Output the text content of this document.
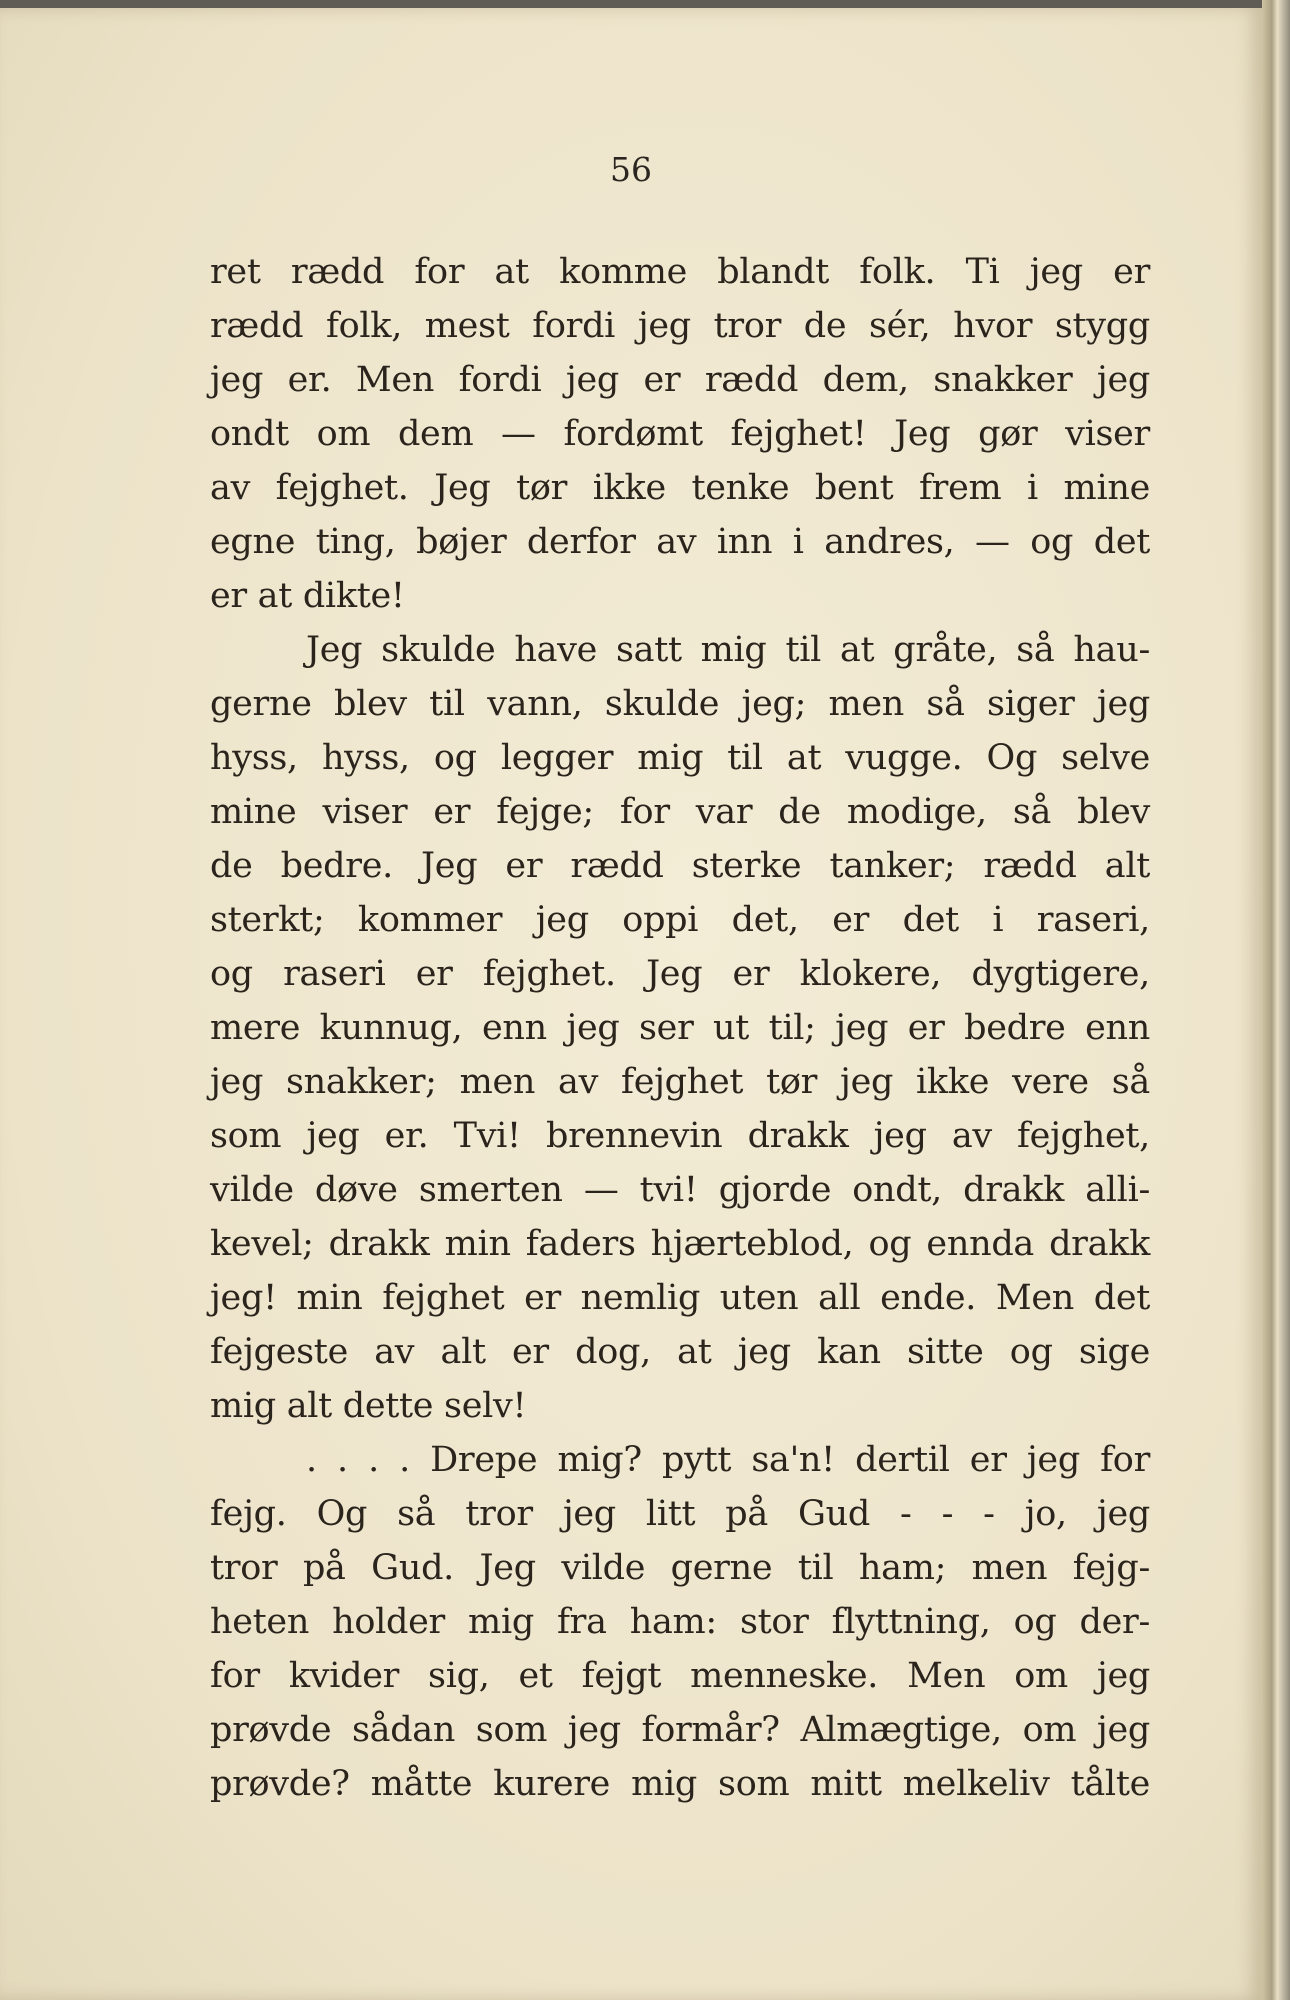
56

ret rædd for at komme blandt folk. Ti jeg er
rædd folk, mest fordi jeg tror de sér, hvor stygg
jeg er. Men fordi jeg er rædd dem, snakker jeg
ondt om dem — fordømt fejghet! Jeg gør viser
av fejghet. Jeg tør ikke tenke bent frem i mine
egne ting, bøjer derfor av inn i andres, — og det
er at dikte!
Jeg skulde have satt mig til at gråte, så hau-
gerne blev til vann, skulde jeg; men så siger jeg
hyss, hyss, og legger mig til at vugge. Og selve
mine viser er fejge; for var de modige, så blev
de bedre. Jeg er rædd sterke tanker; rædd alt
sterkt; kommer jeg oppi det, er det i raseri,
og raseri er fejghet. Jeg er klokere, dygtigere,
mere kunnug, enn jeg ser ut til; jeg er bedre enn
jeg snakker; men av fejghet tør jeg ikke vere så
som jeg er. Tvi! brennevin drakk jeg av fejghet,
vilde døve smerten — tvi! gjorde ondt, drakk alli-
kevel; drakk min faders hjærteblod, og ennda drakk
jeg! min fejghet er nemlig uten all ende. Men det
fejgeste av alt er dog, at jeg kan sitte og sige
mig alt dette selv!
. . . . Drepe mig? pytt sa'n! dertil er jeg for
fejg. Og så tror jeg litt på Gud - - - jo, jeg
tror på Gud. Jeg vilde gerne til ham; men fejg-
heten holder mig fra ham: stor flyttning, og der-
for kvider sig, et fejgt menneske. Men om jeg
prøvde sådan som jeg formår? Almægtige, om jeg
prøvde? måtte kurere mig som mitt melkeliv tålte
